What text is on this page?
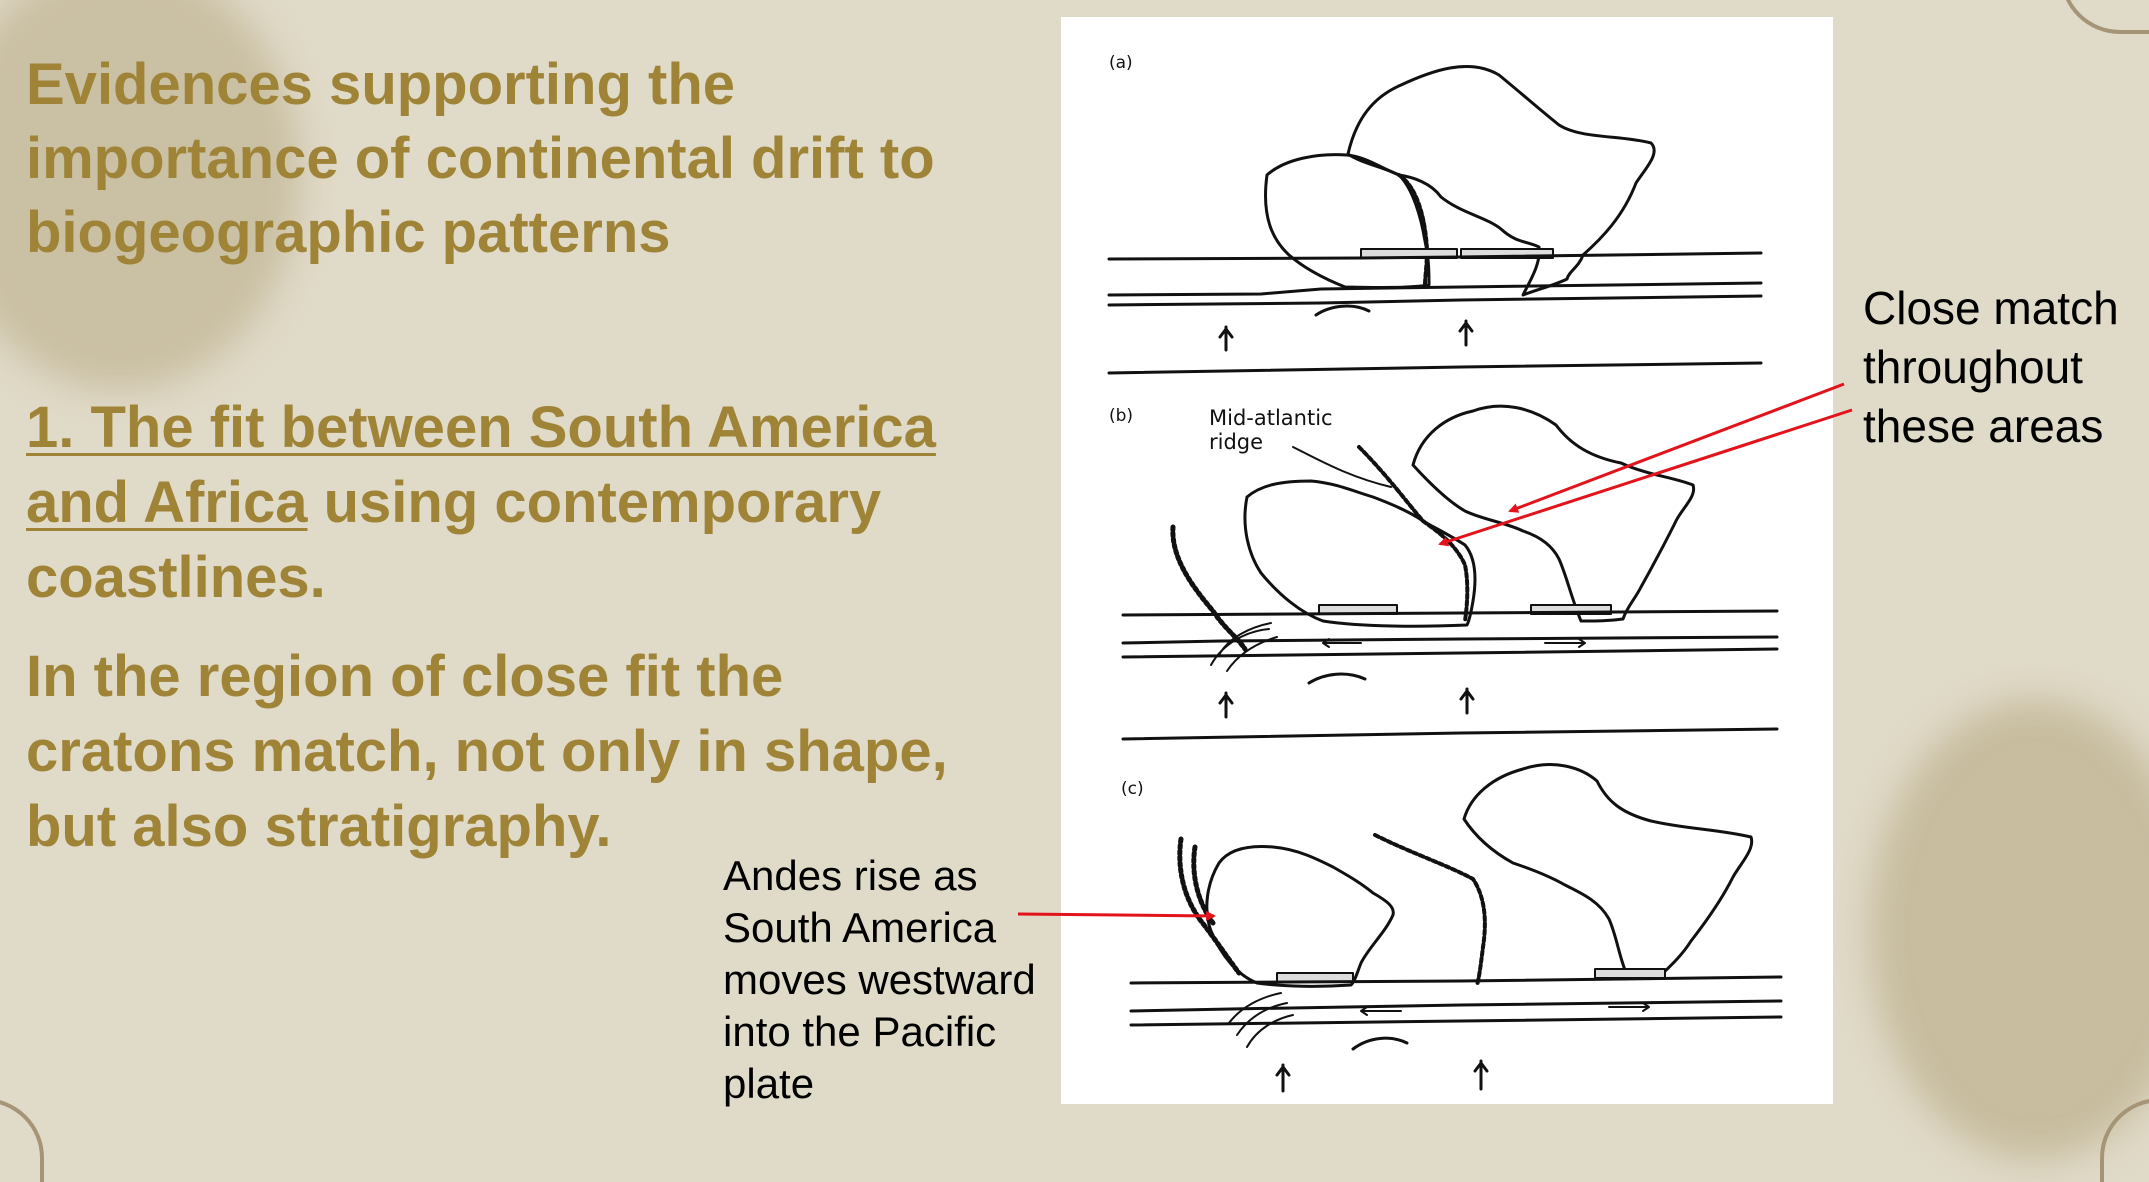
Evidences supporting the importance of continental drift to biogeographic patterns
1. The fit between South America and Africa using contemporary coastlines.
In the region of close fit the cratons match, not only in shape, but also stratigraphy.
(a)
(b)	Mid-atlantic
ridge
(c)
Close match
throughout
these areas
Andes rise as
South America
moves westward
into the Pacific
plate
